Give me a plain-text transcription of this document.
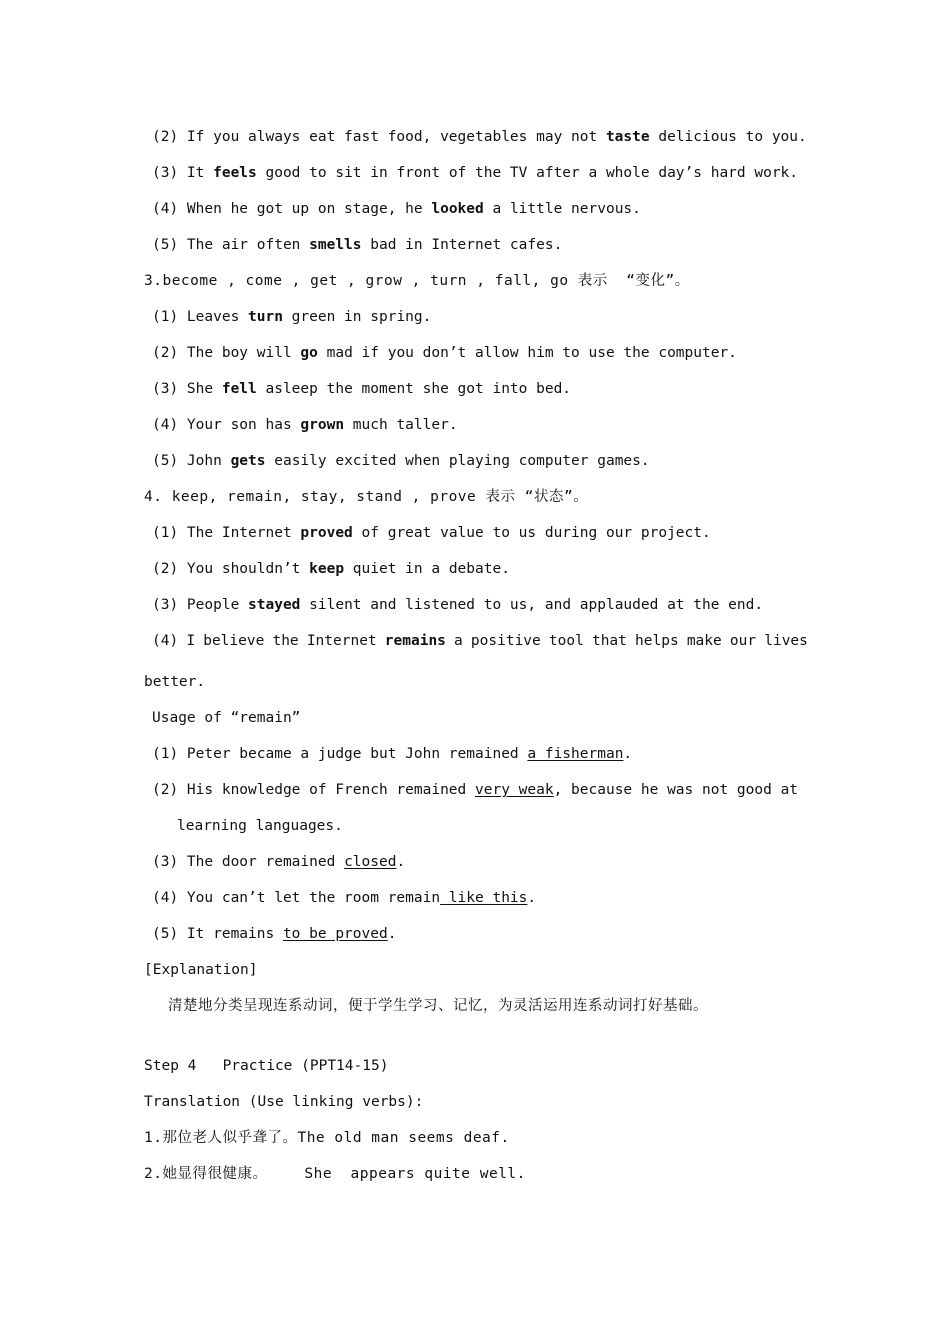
(2) If you always eat fast food, vegetables may not taste delicious to you.
(3) It feels good to sit in front of the TV after a whole day’s hard work.
(4) When he got up on stage, he looked a little nervous.
(5) The air often smells bad in Internet cafes.
3.become , come , get , grow , turn , fall, go 表示  “变化”。
(1) Leaves turn green in spring.
(2) The boy will go mad if you don’t allow him to use the computer.
(3) She fell asleep the moment she got into bed.
(4) Your son has grown much taller.
(5) John gets easily excited when playing computer games.
4. keep, remain, stay, stand , prove 表示 “状态”。
(1) The Internet proved of great value to us during our project.
(2) You shouldn’t keep quiet in a debate.
(3) People stayed silent and listened to us, and applauded at the end.
(4) I believe the Internet remains a positive tool that helps make our lives
better.
Usage of “remain”
(1) Peter became a judge but John remained a fisherman.
(2) His knowledge of French remained very weak, because he was not good at
learning languages.
(3) The door remained closed.
(4) You can’t let the room remain like this.
(5) It remains to be proved.
[Explanation]
清楚地分类呈现连系动词，便于学生学习、记忆，为灵活运用连系动词打好基础。
Step 4   Practice (PPT14-15)
Translation (Use linking verbs):
1.那位老人似乎聋了。The old man seems deaf.
2.她显得很健康。    She  appears quite well.
